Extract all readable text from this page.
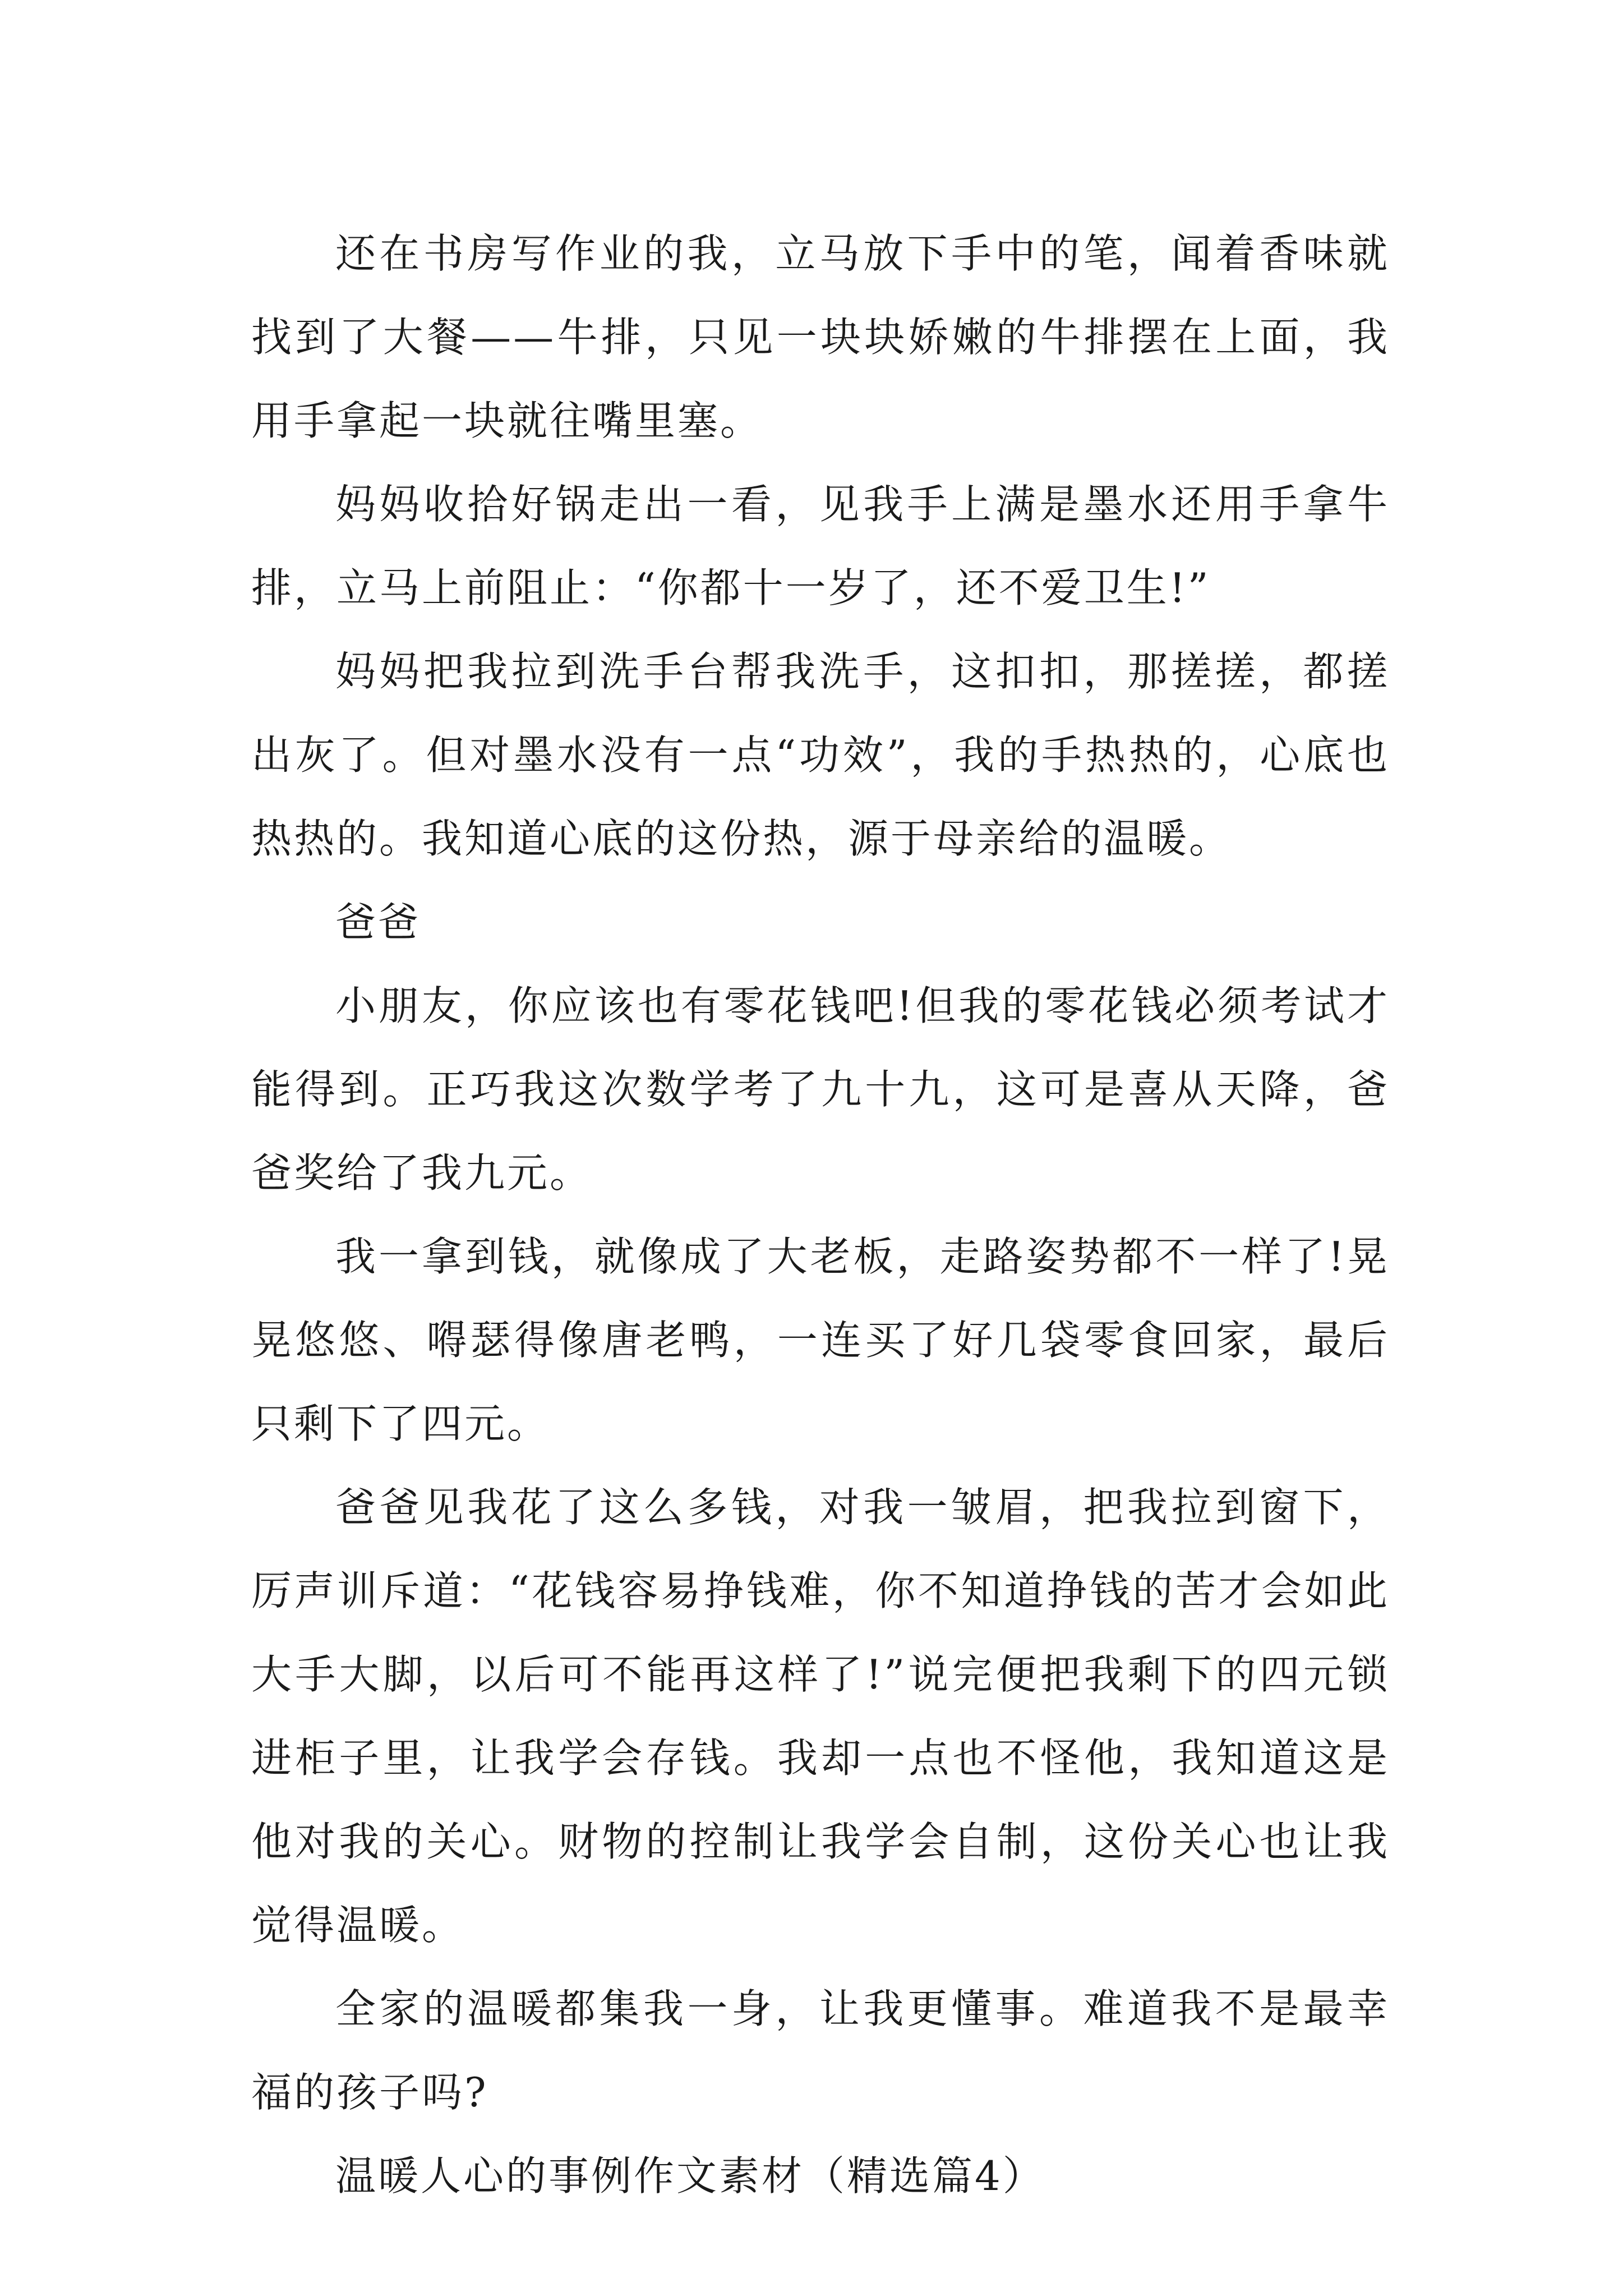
还在书房写作业的我，立马放下手中的笔，闻着香味就找到了大餐——牛排，只见一块块娇嫩的牛排摆在上面，我用手拿起一块就往嘴里塞。

妈妈收拾好锅走出一看，见我手上满是墨水还用手拿牛排，立马上前阻止：“你都十一岁了，还不爱卫生!”

妈妈把我拉到洗手台帮我洗手，这扣扣，那搓搓，都搓出灰了。但对墨水没有一点“功效”，我的手热热的，心底也热热的。我知道心底的这份热，源于母亲给的温暖。

爸爸

小朋友，你应该也有零花钱吧!但我的零花钱必须考试才能得到。正巧我这次数学考了九十九，这可是喜从天降，爸爸奖给了我九元。

我一拿到钱，就像成了大老板，走路姿势都不一样了!晃晃悠悠、嘚瑟得像唐老鸭，一连买了好几袋零食回家，最后只剩下了四元。

爸爸见我花了这么多钱，对我一皱眉，把我拉到窗下，厉声训斥道：“花钱容易挣钱难，你不知道挣钱的苦才会如此大手大脚，以后可不能再这样了!”说完便把我剩下的四元锁进柜子里，让我学会存钱。我却一点也不怪他，我知道这是他对我的关心。财物的控制让我学会自制，这份关心也让我觉得温暖。

全家的温暖都集我一身，让我更懂事。难道我不是最幸福的孩子吗?

温暖人心的事例作文素材（精选篇4）
